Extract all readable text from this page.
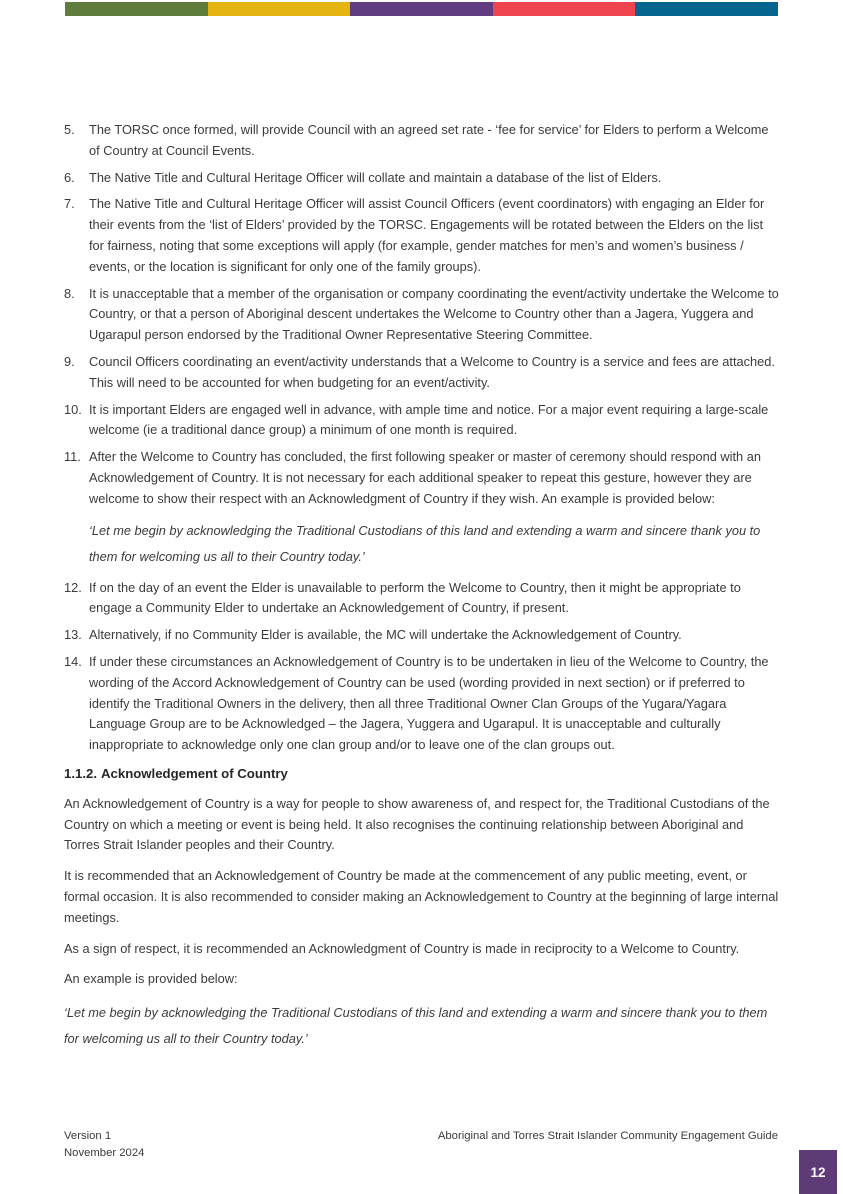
5.	The TORSC once formed, will provide Council with an agreed set rate - ‘fee for service’ for Elders to perform a Welcome of Country at Council Events.
6.	The Native Title and Cultural Heritage Officer will collate and maintain a database of the list of Elders.
7.	The Native Title and Cultural Heritage Officer will assist Council Officers (event coordinators) with engaging an Elder for their events from the ‘list of Elders’ provided by the TORSC. Engagements will be rotated between the Elders on the list for fairness, noting that some exceptions will apply (for example, gender matches for men’s and women’s business / events, or the location is significant for only one of the family groups).
8.	It is unacceptable that a member of the organisation or company coordinating the event/activity undertake the Welcome to Country, or that a person of Aboriginal descent undertakes the Welcome to Country other than a Jagera, Yuggera and Ugarapul person endorsed by the Traditional Owner Representative Steering Committee.
9.	Council Officers coordinating an event/activity understands that a Welcome to Country is a service and fees are attached. This will need to be accounted for when budgeting for an event/activity.
10. It is important Elders are engaged well in advance, with ample time and notice. For a major event requiring a large-scale welcome (ie a traditional dance group) a minimum of one month is required.
11. After the Welcome to Country has concluded, the first following speaker or master of ceremony should respond with an Acknowledgement of Country. It is not necessary for each additional speaker to repeat this gesture, however they are welcome to show their respect with an Acknowledgment of Country if they wish. An example is provided below:

‘Let me begin by acknowledging the Traditional Custodians of this land and extending a warm and sincere thank you to them for welcoming us all to their Country today.’

12. If on the day of an event the Elder is unavailable to perform the Welcome to Country, then it might be appropriate to engage a Community Elder to undertake an Acknowledgement of Country, if present.
13. Alternatively, if no Community Elder is available, the MC will undertake the Acknowledgement of Country.
14. If under these circumstances an Acknowledgement of Country is to be undertaken in lieu of the Welcome to Country, the wording of the Accord Acknowledgement of Country can be used (wording provided in next section) or if preferred to identify the Traditional Owners in the delivery, then all three Traditional Owner Clan Groups of the Yugara/Yagara Language Group are to be Acknowledged – the Jagera, Yuggera and Ugarapul. It is unacceptable and culturally inappropriate to acknowledge only one clan group and/or to leave one of the clan groups out.
1.1.2. Acknowledgement of Country

An Acknowledgement of Country is a way for people to show awareness of, and respect for, the Traditional Custodians of the Country on which a meeting or event is being held. It also recognises the continuing relationship between Aboriginal and Torres Strait Islander peoples and their Country.

It is recommended that an Acknowledgement of Country be made at the commencement of any public meeting, event, or formal occasion. It is also recommended to consider making an Acknowledgement to Country at the beginning of large internal meetings.

As a sign of respect, it is recommended an Acknowledgment of Country is made in reciprocity to a Welcome to Country.

An example is provided below:

‘Let me begin by acknowledging the Traditional Custodians of this land and extending a warm and sincere thank you to them for welcoming us all to their Country today.’

Version 1
November 2024
Aboriginal and Torres Strait Islander Community Engagement Guide
12
